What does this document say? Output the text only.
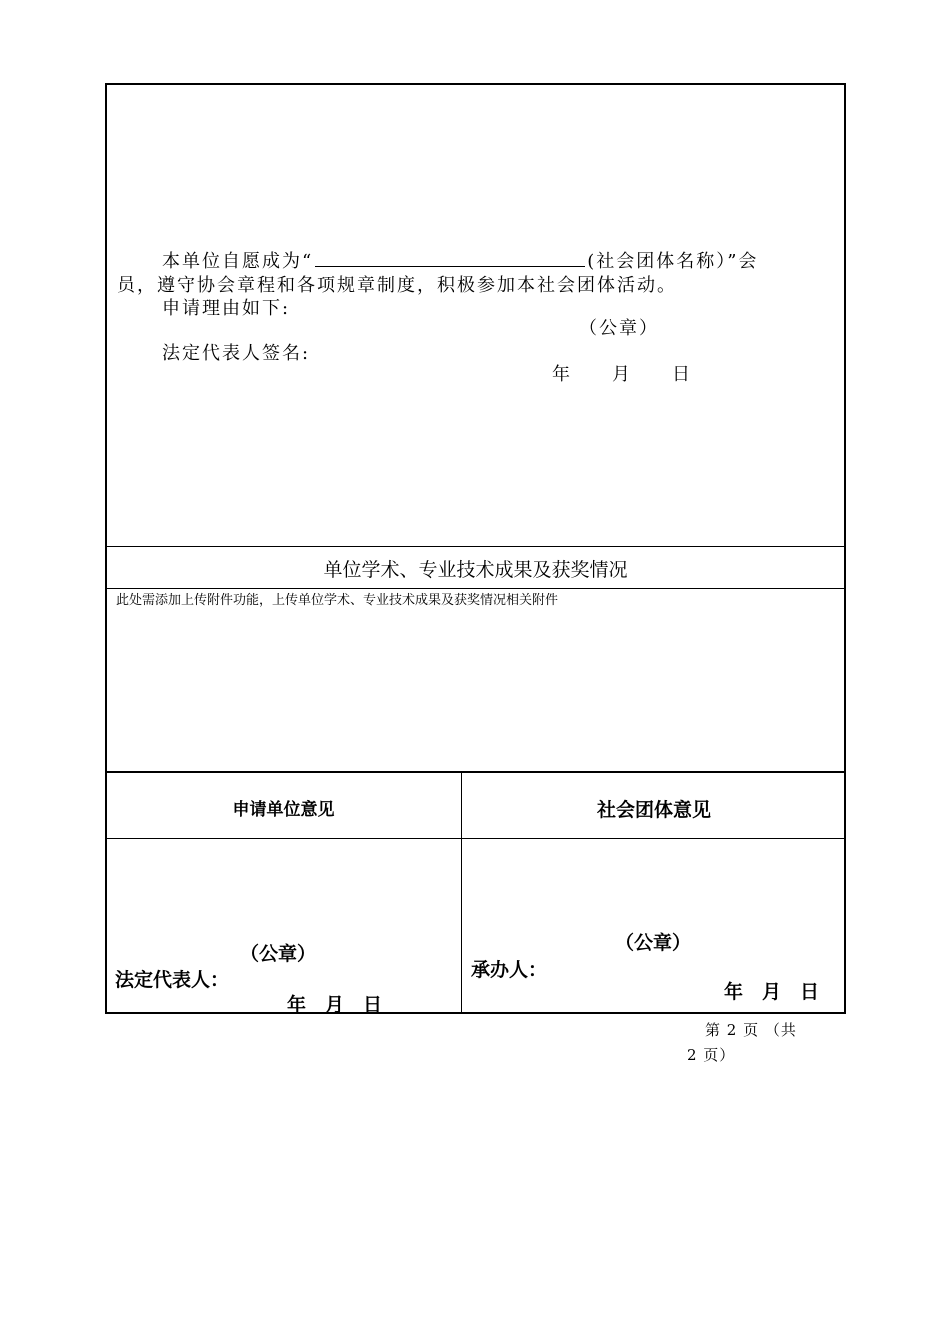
本单位自愿成为“	(社会团体名称）”会
员，遵守协会章程和各项规章制度，积极参加本社会团体活动。
申请理由如下:
（公章）
法定代表人签名:
年　　月　　日
单位学术、专业技术成果及获奖情况
此处需添加上传附件功能，上传单位学术、专业技术成果及获奖情况相关附件
申请单位意见	社会团体意见
（公章）
法定代表人：
年　月　日
（公章）
承办人：
年　月　日
第 2 页 （共
2 页）
